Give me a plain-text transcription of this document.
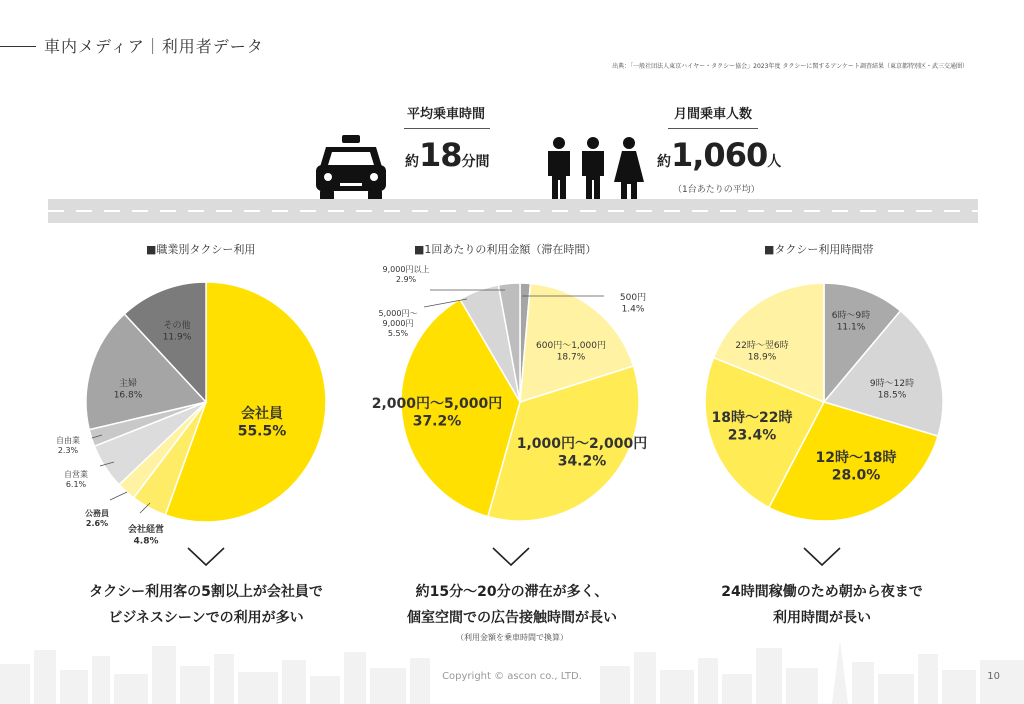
車内メディア｜利用者データ
出典：「一般社団法人東京ハイヤー・タクシー協会」2023年度 タクシーに関するアンケート調査結果（東京都特別区・武三交通圏）
平均乗車時間
約18分間
月間乗車人数
約1,060人
（1台あたりの平均）
■職業別タクシー利用	■1回あたりの利用金額（滞在時間）	■タクシー利用時間帯
会社員 55.5%
会社経営 4.8%
公務員 2.6%
自営業 6.1%
自由業 2.3%
主婦 16.8%
その他 11.9%
500円 1.4%
600円～1,000円 18.7%
1,000円～2,000円 34.2%
2,000円～5,000円 37.2%
5,000円～ 9,000円 5.5%
9,000円以上 2.9%
6時～9時 11.1%
9時～12時 18.5%
12時～18時 28.0%
18時～22時 23.4%
22時～翌6時 18.9%
タクシー利用客の5割以上が会社員で
ビジネスシーンでの利用が多い
約15分～20分の滞在が多く、
個室空間での広告接触時間が長い
（利用金額を乗車時間で換算）
24時間稼働のため朝から夜まで
利用時間が長い
Copyright © ascon co., LTD.	10
